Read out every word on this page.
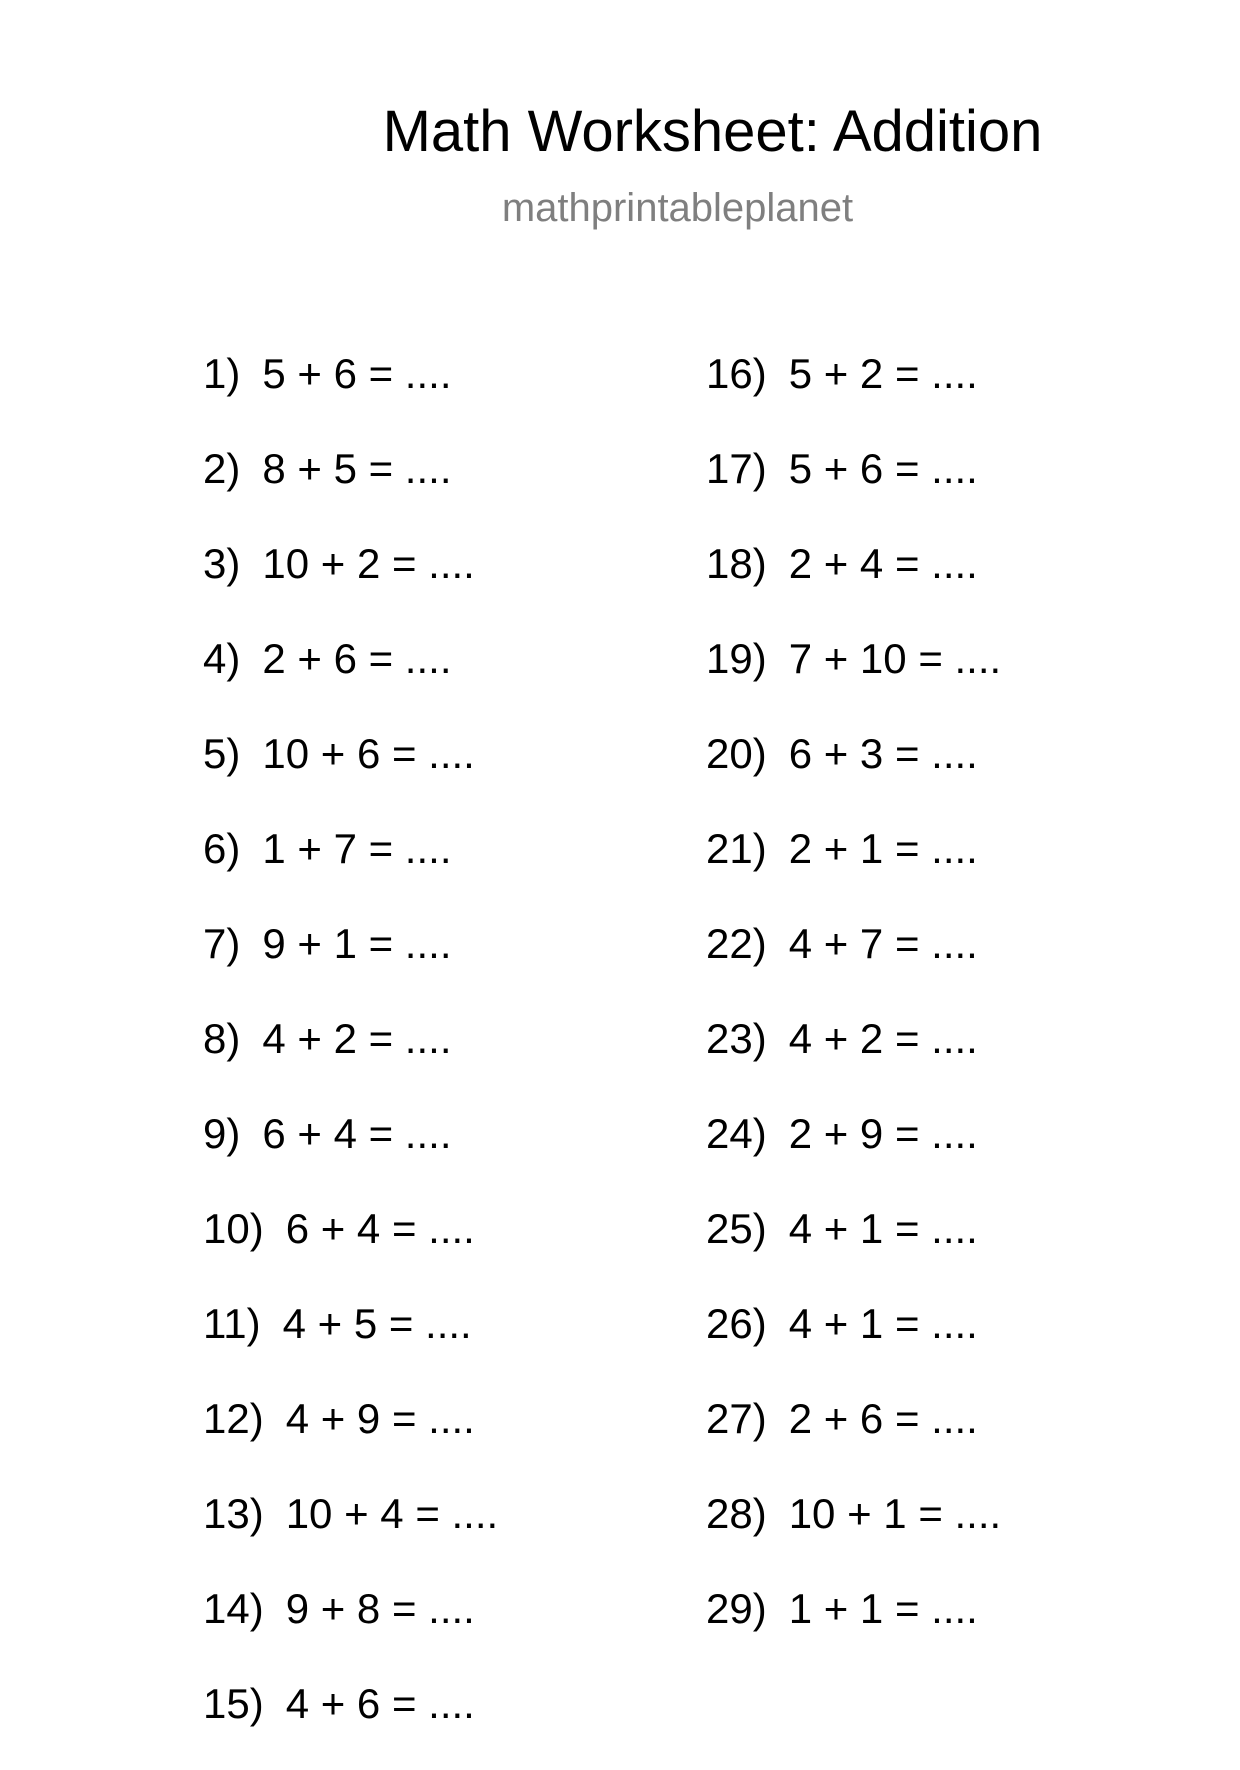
Math Worksheet: Addition
mathprintableplanet
1) 5 + 6 = ....
2) 8 + 5 = ....
3) 10 + 2 = ....
4) 2 + 6 = ....
5) 10 + 6 = ....
6) 1 + 7 = ....
7) 9 + 1 = ....
8) 4 + 2 = ....
9) 6 + 4 = ....
10) 6 + 4 = ....
11) 4 + 5 = ....
12) 4 + 9 = ....
13) 10 + 4 = ....
14) 9 + 8 = ....
15) 4 + 6 = ....
16) 5 + 2 = ....
17) 5 + 6 = ....
18) 2 + 4 = ....
19) 7 + 10 = ....
20) 6 + 3 = ....
21) 2 + 1 = ....
22) 4 + 7 = ....
23) 4 + 2 = ....
24) 2 + 9 = ....
25) 4 + 1 = ....
26) 4 + 1 = ....
27) 2 + 6 = ....
28) 10 + 1 = ....
29) 1 + 1 = ....
